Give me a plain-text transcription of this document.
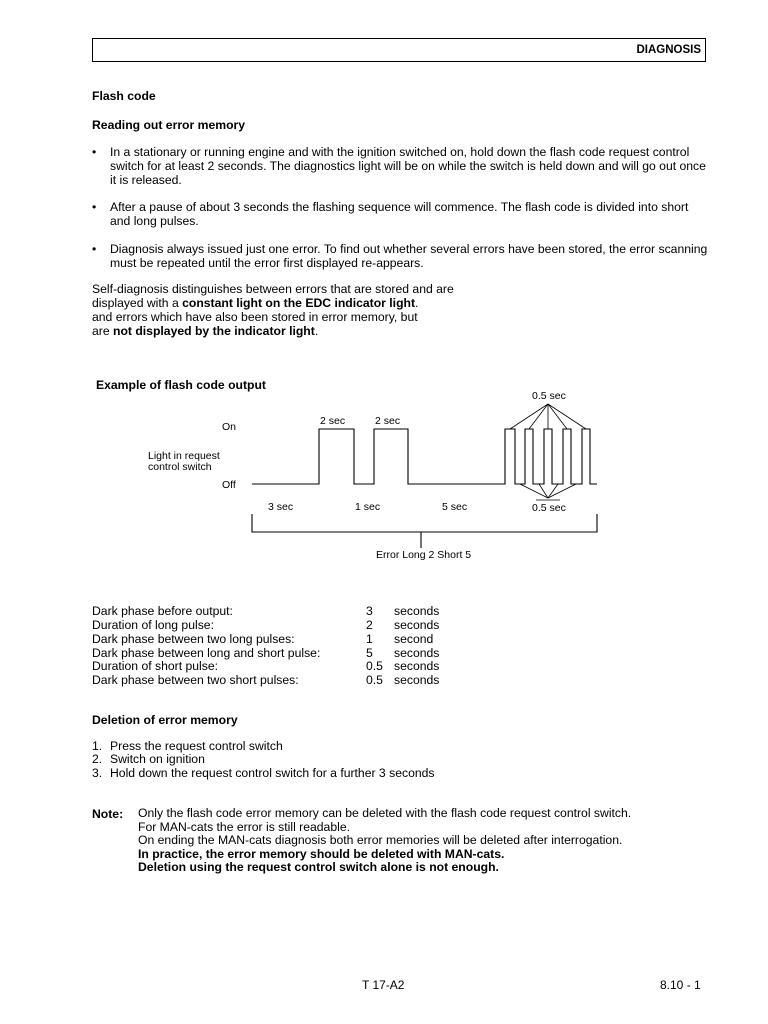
DIAGNOSIS
Flash code
Reading out error memory
• In a stationary or running engine and with the ignition switched on, hold down the flash code request control switch for at least 2 seconds. The diagnostics light will be on while the switch is held down and will go out once it is released.
• After a pause of about 3 seconds the flashing sequence will commence. The flash code is divided into short and long pulses.
• Diagnosis always issued just one error. To find out whether several errors have been stored, the error scanning must be repeated until the error first displayed re-appears.
Self-diagnosis distinguishes between errors that are stored and are
displayed with a constant light on the EDC indicator light.
and errors which have also been stored in error memory, but
are not displayed by the indicator light.
Example of flash code output
On
Off
Light in request
control switch
2 sec	2 sec
0.5 sec
3 sec	1 sec	5 sec	0.5 sec
Error Long 2 Short 5
Dark phase before output:	3 seconds
Duration of long pulse:	2 seconds
Dark phase between two long pulses:	1 second
Dark phase between long and short pulse:	5 seconds
Duration of short pulse:	0.5 seconds
Dark phase between two short pulses:	0.5 seconds
Deletion of error memory
1. Press the request control switch
2. Switch on ignition
3. Hold down the request control switch for a further 3 seconds
Note: Only the flash code error memory can be deleted with the flash code request control switch.
For MAN-cats the error is still readable.
On ending the MAN-cats diagnosis both error memories will be deleted after interrogation.
In practice, the error memory should be deleted with MAN-cats.
Deletion using the request control switch alone is not enough.
T 17-A2	8.10 - 1
